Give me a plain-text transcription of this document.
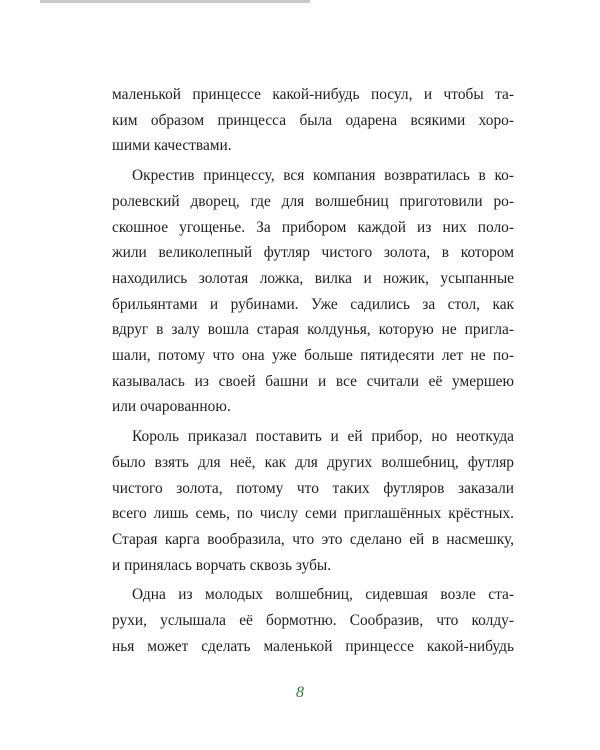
маленькой принцессе какой-нибудь посул, и чтобы та-
ким образом принцесса была одарена всякими хоро-
шими качествами.

Окрестив принцессу, вся компания возвратилась в ко-
ролевский дворец, где для волшебниц приготовили ро-
скошное угощенье. За прибором каждой из них поло-
жили великолепный футляр чистого золота, в котором
находились золотая ложка, вилка и ножик, усыпанные
брильянтами и рубинами. Уже садились за стол, как
вдруг в залу вошла старая колдунья, которую не пригла-
шали, потому что она уже больше пятидесяти лет не по-
казывалась из своей башни и все считали её умершею
или очарованною.

Король приказал поставить и ей прибор, но неоткуда
было взять для неё, как для других волшебниц, футляр
чистого золота, потому что таких футляров заказали
всего лишь семь, по числу семи приглашённых крёстных.
Старая карга вообразила, что это сделано ей в насмешку,
и принялась ворчать сквозь зубы.

Одна из молодых волшебниц, сидевшая возле ста-
рухи, услышала её бормотню. Сообразив, что колду-
нья может сделать маленькой принцессе какой-нибудь

8
